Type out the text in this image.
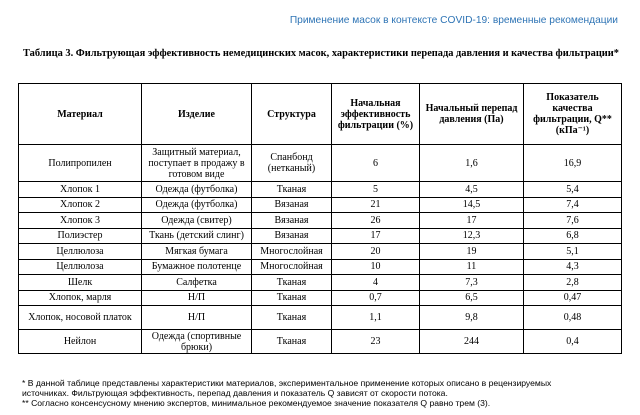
Применение масок в контексте COVID-19: временные рекомендации
Таблица 3. Фильтрующая эффективность немедицинских масок, характеристики перепада давления и качества фильтрации*
Материал	Изделие	Структура	Начальная эффективность фильтрации (%)	Начальный перепад давления (Па)	Показатель качества фильтрации, Q** (кПа⁻¹)
Полипропилен	Защитный материал, поступает в продажу в готовом виде	Спанбонд (нетканый)	6	1,6	16,9
Хлопок 1	Одежда (футболка)	Тканая	5	4,5	5,4
Хлопок 2	Одежда (футболка)	Вязаная	21	14,5	7,4
Хлопок 3	Одежда (свитер)	Вязаная	26	17	7,6
Полиэстер	Ткань (детский слинг)	Вязаная	17	12,3	6,8
Целлюлоза	Мягкая бумага	Многослойная	20	19	5,1
Целлюлоза	Бумажное полотенце	Многослойная	10	11	4,3
Шелк	Салфетка	Тканая	4	7,3	2,8
Хлопок, марля	Н/П	Тканая	0,7	6,5	0,47
Хлопок, носовой платок	Н/П	Тканая	1,1	9,8	0,48
Нейлон	Одежда (спортивные брюки)	Тканая	23	244	0,4

* В данной таблице представлены характеристики материалов, экспериментальное применение которых описано в рецензируемых

источниках. Фильтрующая эффективность, перепад давления и показатель Q зависят от скорости потока.

** Согласно консенсусному мнению экспертов, минимальное рекомендуемое значение показателя Q равно трем (3).
